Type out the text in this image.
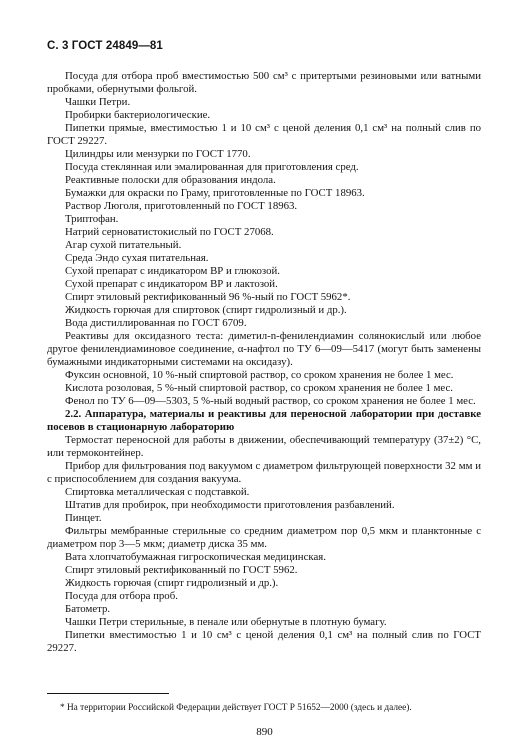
С. 3 ГОСТ 24849—81

Посуда для отбора проб вместимостью 500 см³ с притертыми резиновыми или ватными пробками, обернутыми фольгой.

Чашки Петри.

Пробирки бактериологические.

Пипетки прямые, вместимостью 1 и 10 см³ с ценой деления 0,1 см³ на полный слив по ГОСТ 29227.

Цилиндры или мензурки по ГОСТ 1770.

Посуда стеклянная или эмалированная для приготовления сред.

Реактивные полоски для образования индола.

Бумажки для окраски по Граму, приготовленные по ГОСТ 18963.

Раствор Люголя, приготовленный по ГОСТ 18963.

Триптофан.

Натрий серноватистокислый по ГОСТ 27068.

Агар сухой питательный.

Среда Эндо сухая питательная.

Сухой препарат с индикатором ВР и глюкозой.

Сухой препарат с индикатором ВР и лактозой.

Спирт этиловый ректификованный 96 %-ный по ГОСТ 5962*.

Жидкость горючая для спиртовок (спирт гидролизный и др.).

Вода дистиллированная по ГОСТ 6709.

Реактивы для оксидазного теста: диметил-n-фенилендиамин солянокислый или любое другое фенилендиаминовое соединение, α-нафтол по ТУ 6—09—5417 (могут быть заменены бумажными индикаторными системами на оксидазу).

Фуксин основной, 10 %-ный спиртовой раствор, со сроком хранения не более 1 мес.

Кислота розоловая, 5 %-ный спиртовой раствор, со сроком хранения не более 1 мес.

Фенол по ТУ 6—09—5303, 5 %-ный водный раствор, со сроком хранения не более 1 мес.

2.2. Аппаратура, материалы и реактивы для переносной лаборатории при доставке посевов в стационарную лабораторию

Термостат переносной для работы в движении, обеспечивающий температуру (37±2) °С, или термоконтейнер.

Прибор для фильтрования под вакуумом с диаметром фильтрующей поверхности 32 мм и с приспособлением для создания вакуума.

Спиртовка металлическая с подставкой.

Штатив для пробирок, при необходимости приготовления разбавлений.

Пинцет.

Фильтры мембранные стерильные со средним диаметром пор 0,5 мкм и планктонные с диаметром пор 3—5 мкм; диаметр диска 35 мм.

Вата хлопчатобумажная гигроскопическая медицинская.

Спирт этиловый ректификованный по ГОСТ 5962.

Жидкость горючая (спирт гидролизный и др.).

Посуда для отбора проб.

Батометр.

Чашки Петри стерильные, в пенале или обернутые в плотную бумагу.

Пипетки вместимостью 1 и 10 см³ с ценой деления 0,1 см³ на полный слив по ГОСТ 29227.

* На территории Российской Федерации действует ГОСТ Р 51652—2000 (здесь и далее).
890
